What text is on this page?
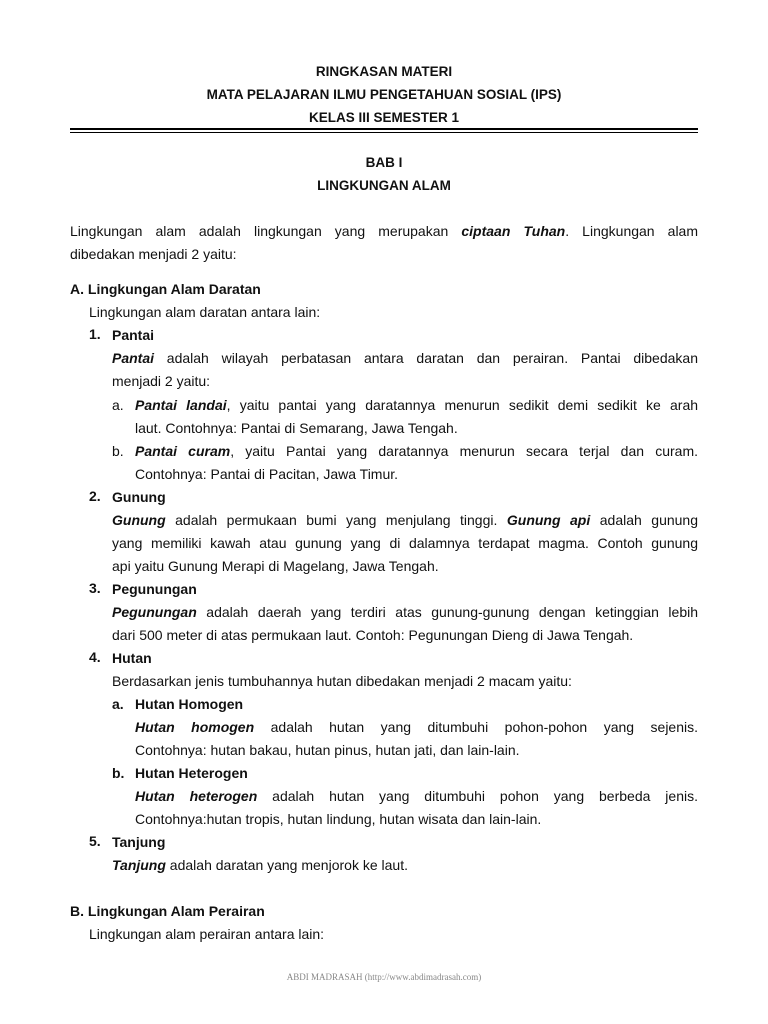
RINGKASAN MATERI
MATA PELAJARAN ILMU PENGETAHUAN SOSIAL (IPS)
KELAS III SEMESTER 1
BAB I
LINGKUNGAN ALAM
Lingkungan alam adalah lingkungan yang merupakan ciptaan Tuhan. Lingkungan alam
dibedakan menjadi 2 yaitu:
A. Lingkungan Alam Daratan
Lingkungan alam daratan antara lain:
1. Pantai
Pantai adalah wilayah perbatasan antara daratan dan perairan. Pantai dibedakan
menjadi 2 yaitu:
a. Pantai landai, yaitu pantai yang daratannya menurun sedikit demi sedikit ke arah
laut. Contohnya: Pantai di Semarang, Jawa Tengah.
b. Pantai curam, yaitu Pantai yang daratannya menurun secara terjal dan curam.
Contohnya: Pantai di Pacitan, Jawa Timur.
2. Gunung
Gunung adalah permukaan bumi yang menjulang tinggi. Gunung api adalah gunung
yang memiliki kawah atau gunung yang di dalamnya terdapat magma. Contoh gunung
api yaitu Gunung Merapi di Magelang, Jawa Tengah.
3. Pegunungan
Pegunungan adalah daerah yang terdiri atas gunung-gunung dengan ketinggian lebih
dari 500 meter di atas permukaan laut. Contoh: Pegunungan Dieng di Jawa Tengah.
4. Hutan
Berdasarkan jenis tumbuhannya hutan dibedakan menjadi 2 macam yaitu:
a. Hutan Homogen
Hutan homogen adalah hutan yang ditumbuhi pohon-pohon yang sejenis.
Contohnya: hutan bakau, hutan pinus, hutan jati, dan lain-lain.
b. Hutan Heterogen
Hutan heterogen adalah hutan yang ditumbuhi pohon yang berbeda jenis.
Contohnya:hutan tropis, hutan lindung, hutan wisata dan lain-lain.
5. Tanjung
Tanjung adalah daratan yang menjorok ke laut.
B. Lingkungan Alam Perairan
Lingkungan alam perairan antara lain:
ABDI MADRASAH (http://www.abdimadrasah.com)
